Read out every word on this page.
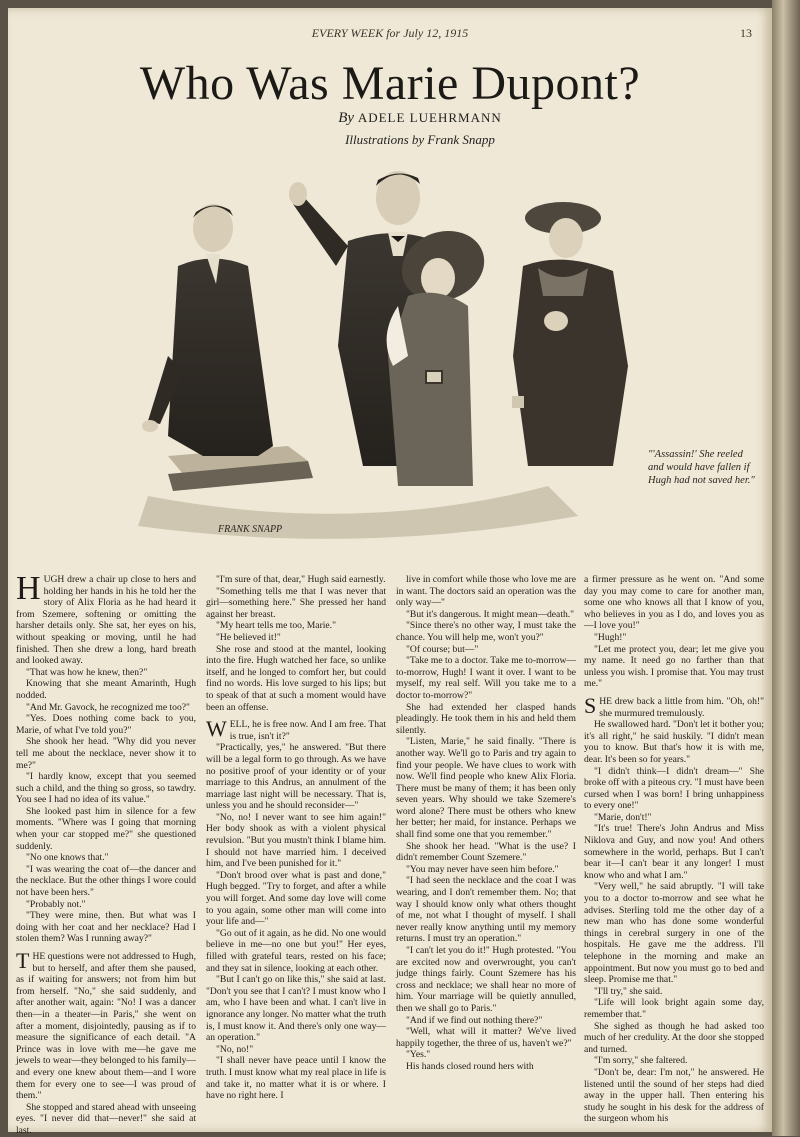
EVERY WEEK for July 12, 1915	13
Who Was Marie Dupont?
By ADELE LUEHRMANN
Illustrations by Frank Snapp
FRANK SNAPP
"'Assassin!' She reeled and would have fallen if Hugh had not saved her."

HUGH drew a chair up close to hers and holding her hands in his he told her the story of Alix Floria as he had heard it from Szemere, softening or omitting the harsher details only. She sat, her eyes on his, without speaking or moving, until he had finished. Then she drew a long, hard breath and looked away.

"That was how he knew, then?"

Knowing that she meant Amarinth, Hugh nodded.

"And Mr. Gavock, he recognized me too?"

"Yes. Does nothing come back to you, Marie, of what I've told you?"

She shook her head. "Why did you never tell me about the necklace, never show it to me?"

"I hardly know, except that you seemed such a child, and the thing so gross, so tawdry. You see I had no idea of its value."

She looked past him in silence for a few moments. "Where was I going that morning when your car stopped me?" she questioned suddenly.

"No one knows that."

"I was wearing the coat of—the dancer and the necklace. But the other things I wore could not have been hers."

"Probably not."

"They were mine, then. But what was I doing with her coat and her necklace? Had I stolen them? Was I running away?"

THE questions were not addressed to Hugh, but to herself, and after them she paused, as if waiting for answers; not from him but from herself. "No," she said suddenly, and after another wait, again: "No! I was a dancer then—in a theater—in Paris," she went on after a moment, disjointedly, pausing as if to measure the significance of each detail. "A Prince was in love with me—he gave me jewels to wear—they belonged to his family—and every one knew about them—and I wore them for every one to see—I was proud of them."

She stopped and stared ahead with unseeing eyes. "I never did that—never!" she said at last.

"I'm sure of that, dear," Hugh said earnestly.

"Something tells me that I was never that girl—something here." She pressed her hand against her breast.

"My heart tells me too, Marie."

"He believed it!"

She rose and stood at the mantel, looking into the fire. Hugh watched her face, so unlike itself, and he longed to comfort her, but could find no words. His love surged to his lips; but to speak of that at such a moment would have been an offense.

WELL, he is free now. And I am free. That is true, isn't it?"

"Practically, yes," he answered. "But there will be a legal form to go through. As we have no positive proof of your identity or of your marriage to this Andrus, an annulment of the marriage last night will be necessary. That is, unless you and he should reconsider—"

"No, no! I never want to see him again!" Her body shook as with a violent physical revulsion. "But you mustn't think I blame him. I should not have married him. I deceived him, and I've been punished for it."

"Don't brood over what is past and done," Hugh begged. "Try to forget, and after a while you will forget. And some day love will come to you again, some other man will come into your life and—"

"Go out of it again, as he did. No one would believe in me—no one but you!" Her eyes, filled with grateful tears, rested on his face; and they sat in silence, looking at each other.

"But I can't go on like this," she said at last. "Don't you see that I can't? I must know who I am, who I have been and what. I can't live in ignorance any longer. No matter what the truth is, I must know it. And there's only one way—an operation."

"No, no!"

"I shall never have peace until I know the truth. I must know what my real place in life is and take it, no matter what it is or where. I have no right here. I

live in comfort while those who love me are in want. The doctors said an operation was the only way—"

"But it's dangerous. It might mean—death."

"Since there's no other way, I must take the chance. You will help me, won't you?"

"Of course; but—"

"Take me to a doctor. Take me to-morrow—to-morrow, Hugh! I want it over. I want to be myself, my real self. Will you take me to a doctor to-morrow?"

She had extended her clasped hands pleadingly. He took them in his and held them silently.

"Listen, Marie," he said finally. "There is another way. We'll go to Paris and try again to find your people. We have clues to work with now. We'll find people who knew Alix Floria. There must be many of them; it has been only seven years. Why should we take Szemere's word alone? There must be others who knew her better; her maid, for instance. Perhaps we shall find some one that you remember."

She shook her head. "What is the use? I didn't remember Count Szemere."

"You may never have seen him before."

"I had seen the necklace and the coat I was wearing, and I don't remember them. No; that way I should know only what others thought of me, not what I thought of myself. I shall never really know anything until my memory returns. I must try an operation."

"I can't let you do it!" Hugh protested. "You are excited now and overwrought, you can't judge things fairly. Count Szemere has his cross and necklace; we shall hear no more of him. Your marriage will be quietly annulled, then we shall go to Paris."

"And if we find out nothing there?"

"Well, what will it matter? We've lived happily together, the three of us, haven't we?"

"Yes."

His hands closed round hers with

a firmer pressure as he went on. "And some day you may come to care for another man, some one who knows all that I know of you, who believes in you as I do, and loves you as—I love you!"

"Hugh!"

"Let me protect you, dear; let me give you my name. It need go no farther than that unless you wish. I promise that. You may trust me."

SHE drew back a little from him. "Oh, oh!" she murmured tremulously.

He swallowed hard. "Don't let it bother you; it's all right," he said huskily. "I didn't mean you to know. But that's how it is with me, dear. It's been so for years."

"I didn't think—I didn't dream—" She broke off with a piteous cry. "I must have been cursed when I was born! I bring unhappiness to every one!"

"Marie, don't!"

"It's true! There's John Andrus and Miss Niklova and Guy, and now you! And others somewhere in the world, perhaps. But I can't bear it—I can't bear it any longer! I must know who and what I am."

"Very well," he said abruptly. "I will take you to a doctor to-morrow and see what he advises. Sterling told me the other day of a new man who has done some wonderful things in cerebral surgery in one of the hospitals. He gave me the address. I'll telephone in the morning and make an appointment. But now you must go to bed and sleep. Promise me that."

"I'll try," she said.

"Life will look bright again some day, remember that."

She sighed as though he had asked too much of her credulity. At the door she stopped and turned.

"I'm sorry," she faltered.

"Don't be, dear: I'm not," he answered. He listened until the sound of her steps had died away in the upper hall. Then entering his study he sought in his desk for the address of the surgeon whom his
